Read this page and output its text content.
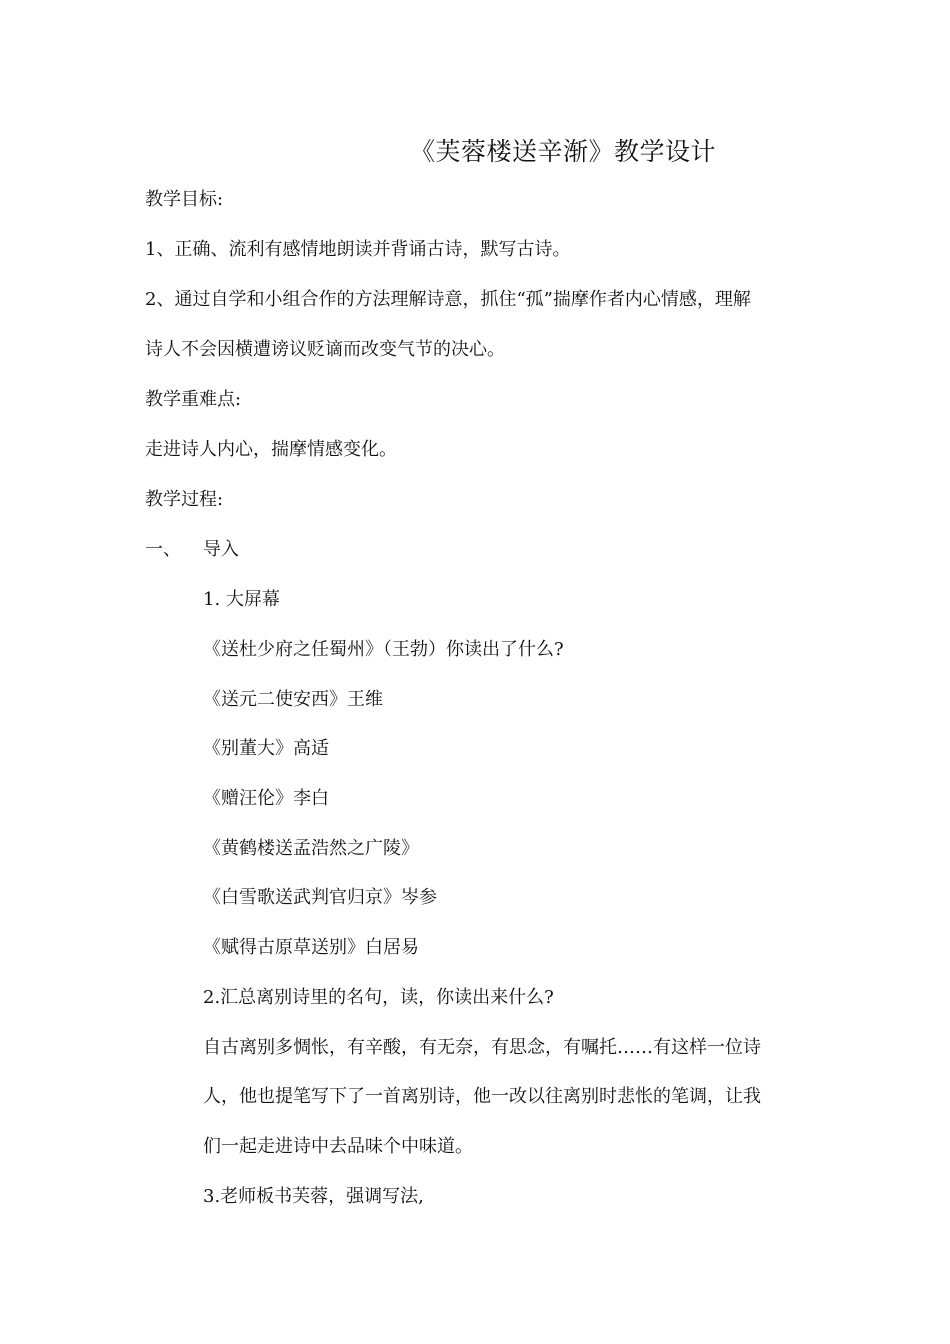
《芙蓉楼送辛渐》教学设计
教学目标:
1、正确、流利有感情地朗读并背诵古诗，默写古诗。
2、通过自学和小组合作的方法理解诗意，抓住“孤”揣摩作者内心情感，理解
诗人不会因横遭谤议贬谪而改变气节的决心。
教学重难点:
走进诗人内心，揣摩情感变化。
教学过程:
一、 导入
1. 大屏幕
《送杜少府之任蜀州》（王勃）你读出了什么?
《送元二使安西》王维
《别董大》高适
《赠汪伦》李白
《黄鹤楼送孟浩然之广陵》
《白雪歌送武判官归京》岑参
《赋得古原草送别》白居易
2.汇总离别诗里的名句，读，你读出来什么?
自古离别多惆怅，有辛酸，有无奈，有思念，有嘱托……有这样一位诗
人，他也提笔写下了一首离别诗，他一改以往离别时悲怅的笔调，让我
们一起走进诗中去品味个中味道。
3.老师板书芙蓉，强调写法,
